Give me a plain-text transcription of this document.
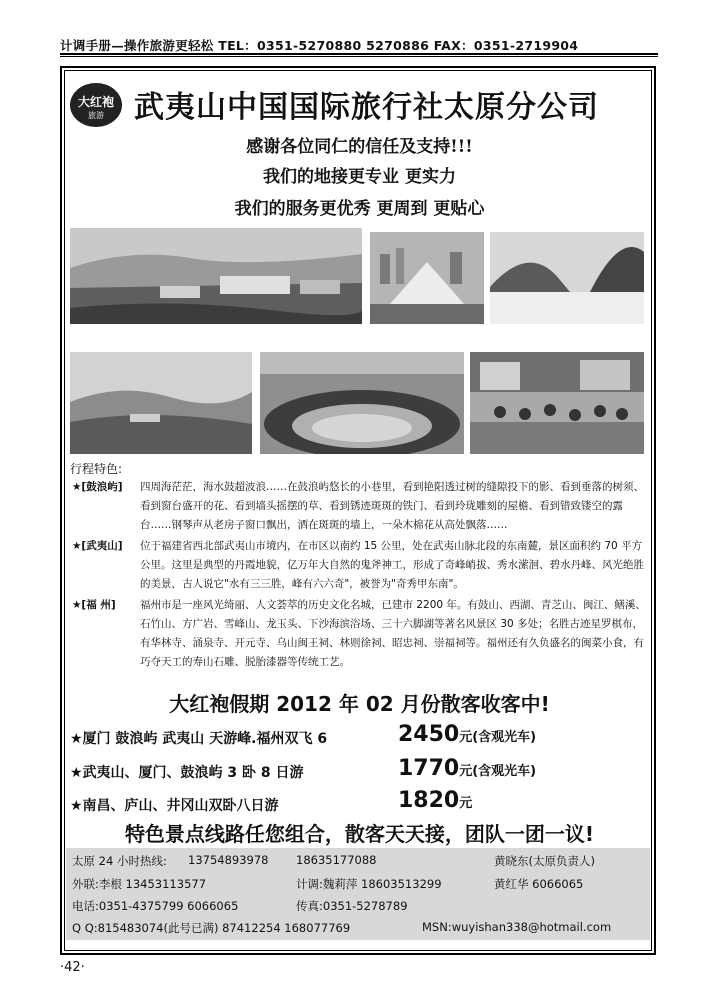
计调手册—操作旅游更轻松 TEL：0351-5270880 5270886 FAX：0351-2719904
大红袍
旅游	武夷山中国国际旅行社太原分公司
感谢各位同仁的信任及支持!!!
我们的地接更专业 更实力
我们的服务更优秀 更周到 更贴心
行程特色:
★[鼓浪屿] 四周海茫茫，海水鼓超波浪……在鼓浪屿悠长的小巷里，看到艳阳透过树的缝隙投下的影、看到垂落的树须、看到窗台盛开的花、看到墙头摇摆的草、看到锈迹斑斑的铁门、看到玲珑雕刻的屋檐、看到错致镂空的露台……钢琴声从老房子窗口飘出，洒在斑斑的墙上，一朵木棉花从高处飘落……
★[武夷山] 位于福建省西北部武夷山市境内，在市区以南约 15 公里，处在武夷山脉北段的东南麓，景区面积约 70 平方公里。这里是典型的丹霞地貌，亿万年大自然的鬼斧神工，形成了奇峰峭拔、秀水潆洄、碧水丹峰、风光绝胜的美景，古人说它"水有三三胜，峰有六六奇"，被誉为"奇秀甲东南"。
★[福 州] 福州市是一座风光绮丽、人文荟萃的历史文化名城，已建市 2200 年。有鼓山、西湖、青芝山、闽江、鳝溪、石竹山、方广岩、雪峰山、龙玉头、下沙海滨浴场、三十六脚湖等著名风景区 30 多处；名胜古迹星罗棋布，有华林寺、涌泉寺、开元寺、乌山闽王祠、林则徐祠、昭忠祠、崇福祠等。福州还有久负盛名的闽菜小食，有巧夺天工的寿山石雕、脱胎漆器等传统工艺。
大红袍假期 2012 年 02 月份散客收客中!
★厦门 鼓浪屿 武夷山 天游峰.福州双飞 6	2450元(含观光车)
★武夷山、厦门、鼓浪屿 3 卧 8 日游	1770元(含观光车)
★南昌、庐山、井冈山双卧八日游	1820元
特色景点线路任您组合，散客天天接，团队一团一议!
太原 24 小时热线: 13754893978 18635177088	黄晓东(太原负责人)
外联:李根 13453113577	计调:魏莉萍 18603513299	黄红华 6066065
电话:0351-4375799 6066065	传真:0351-5278789
Q Q:815483074(此号已满) 87412254 168077769	MSN:wuyishan338@hotmail.com
·42·
